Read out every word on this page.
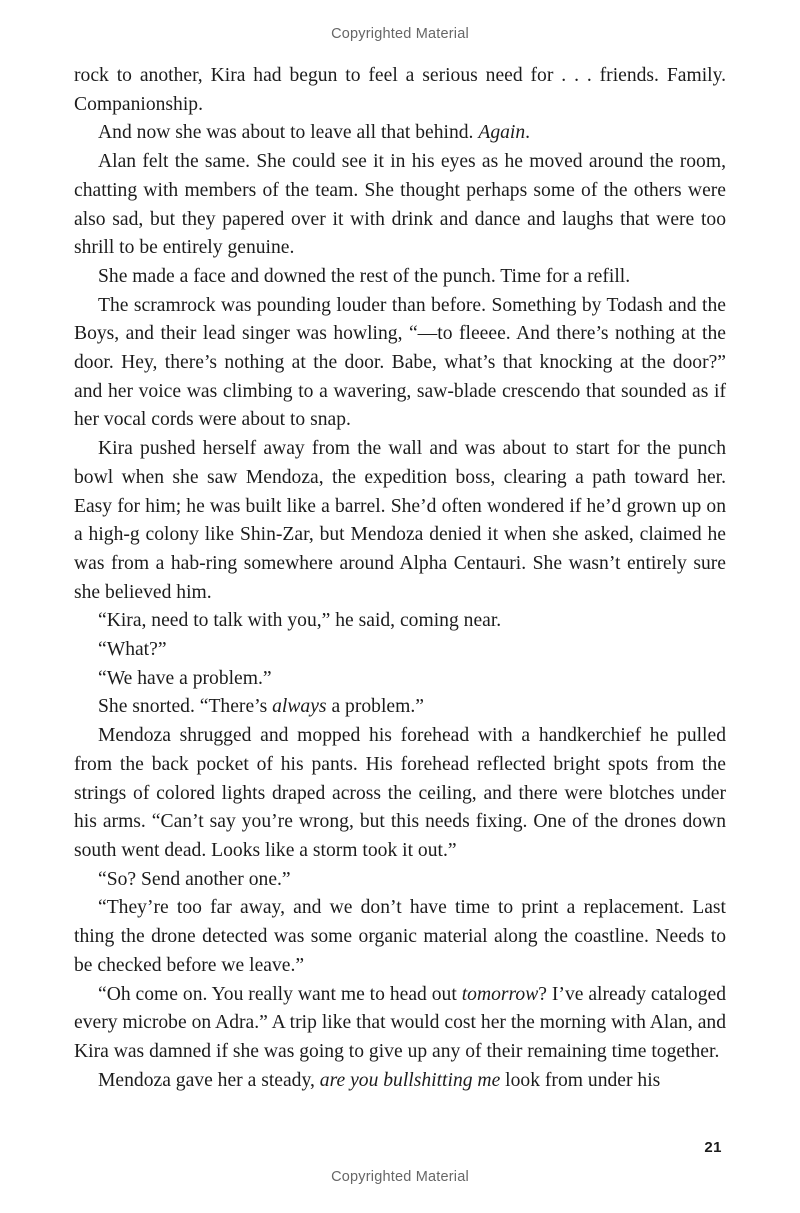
Copyrighted Material

rock to another, Kira had begun to feel a serious need for . . . friends. Family. Companionship.

And now she was about to leave all that behind. Again.

Alan felt the same. She could see it in his eyes as he moved around the room, chatting with members of the team. She thought perhaps some of the others were also sad, but they papered over it with drink and dance and laughs that were too shrill to be entirely genuine.

She made a face and downed the rest of the punch. Time for a refill.

The scramrock was pounding louder than before. Something by Todash and the Boys, and their lead singer was howling, “—to fleeee. And there’s nothing at the door. Hey, there’s nothing at the door. Babe, what’s that knocking at the door?” and her voice was climbing to a wavering, saw-blade crescendo that sounded as if her vocal cords were about to snap.

Kira pushed herself away from the wall and was about to start for the punch bowl when she saw Mendoza, the expedition boss, clearing a path toward her. Easy for him; he was built like a barrel. She’d often wondered if he’d grown up on a high-g colony like Shin-Zar, but Mendoza denied it when she asked, claimed he was from a hab-ring somewhere around Alpha Centauri. She wasn’t entirely sure she believed him.

“Kira, need to talk with you,” he said, coming near.

“What?”

“We have a problem.”

She snorted. “There’s always a problem.”

Mendoza shrugged and mopped his forehead with a handkerchief he pulled from the back pocket of his pants. His forehead reflected bright spots from the strings of colored lights draped across the ceiling, and there were blotches under his arms. “Can’t say you’re wrong, but this needs fixing. One of the drones down south went dead. Looks like a storm took it out.”

“So? Send another one.”

“They’re too far away, and we don’t have time to print a replacement. Last thing the drone detected was some organic material along the coastline. Needs to be checked before we leave.”

“Oh come on. You really want me to head out tomorrow? I’ve already cataloged every microbe on Adra.” A trip like that would cost her the morning with Alan, and Kira was damned if she was going to give up any of their remaining time together.

Mendoza gave her a steady, are you bullshitting me look from under his

21
Copyrighted Material
